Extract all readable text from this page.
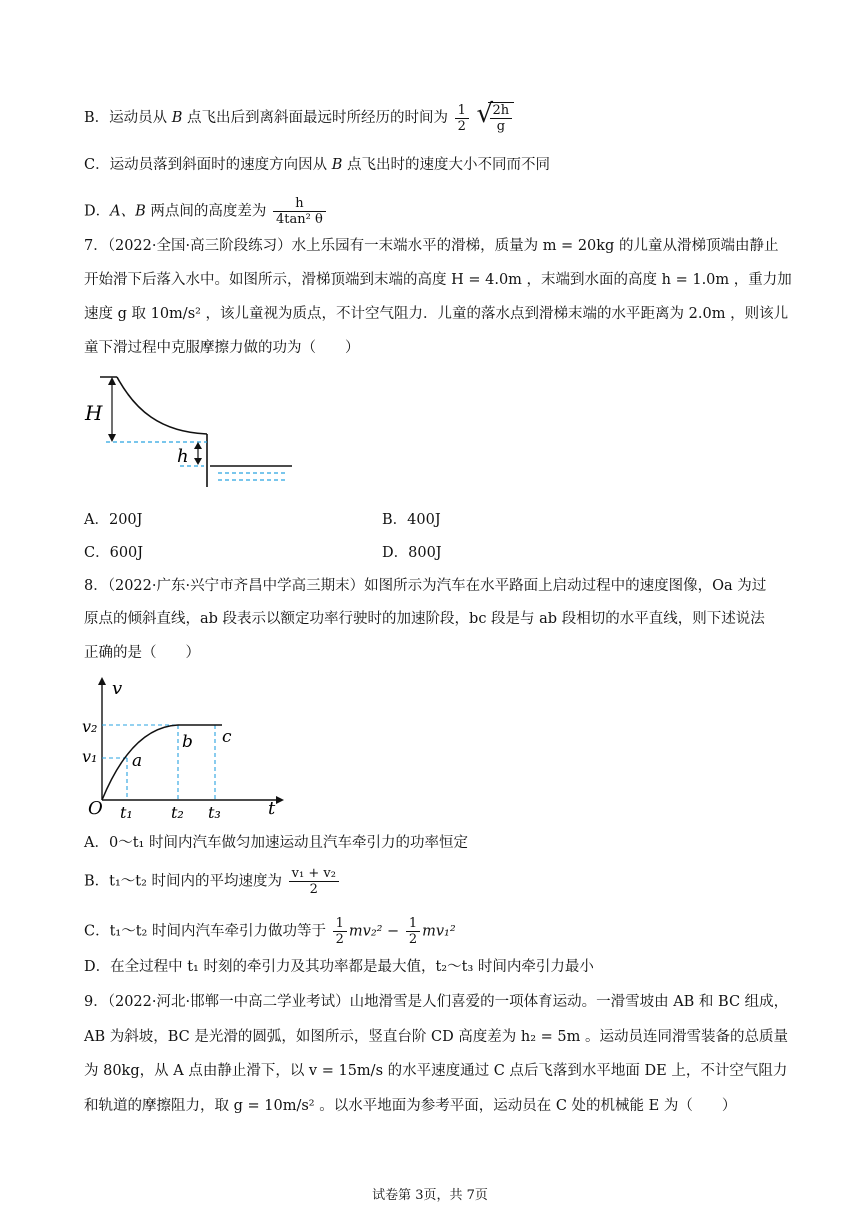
B．运动员从 B 点飞出后到离斜面最远时所经历的时间为 $\frac{1}{2}$

√ $\frac{2h}{g}$
C．运动员落到斜面时的速度方向因从 B 点飞出时的速度大小不同而不同
D．A、B 两点间的高度差为 $\frac{h}{\text{4tan² θ}}$
7．（2022·全国·高三阶段练习）水上乐园有一末端水平的滑梯，质量为 m = 20kg 的儿童从滑梯顶端由静止
开始滑下后落入水中。如图所示，滑梯顶端到末端的高度 H = 4.0m ，末端到水面的高度 h = 1.0m ，重力加
速度 g 取 10m/s² ，该儿童视为质点，不计空气阻力．儿童的落水点到滑梯末端的水平距离为 2.0m ，则该儿
童下滑过程中克服摩擦力做的功为（　　）
H
h
A．200J	B．400J
C．600J	D．800J
8．（2022·广东·兴宁市齐昌中学高三期末）如图所示为汽车在水平路面上启动过程中的速度图像，Oa 为过
原点的倾斜直线，ab 段表示以额定功率行驶时的加速阶段，bc 段是与 ab 段相切的水平直线，则下述说法
正确的是（　　）
v
t
O
v₂
v₁ a
b c
t₁ t₂ t₃
A．0～t₁ 时间内汽车做匀加速运动且汽车牵引力的功率恒定
B．t₁～t₂ 时间内的平均速度为 $\frac{\text{v₁ + v₂}}{2}$
C．t₁～t₂ 时间内汽车牵引力做功等于 $\frac{1}{2} mv_2^2 - \frac{1}{2} mv_1^2$
D．在全过程中 t₁ 时刻的牵引力及其功率都是最大值，t₂～t₃ 时间内牵引力最小
9．（2022·河北·邯郸一中高二学业考试）山地滑雪是人们喜爱的一项体育运动。一滑雪坡由 AB 和 BC 组成，
AB 为斜坡，BC 是光滑的圆弧，如图所示，竖直台阶 CD 高度差为 h₂ = 5m 。运动员连同滑雪装备的总质量
为 80kg，从 A 点由静止滑下，以 v = 15m/s 的水平速度通过 C 点后飞落到水平地面 DE 上，不计空气阻力
和轨道的摩擦阻力，取 g = 10m/s² 。以水平地面为参考平面，运动员在 C 处的机械能 E 为（　　）
试卷第 3页，共 7页
